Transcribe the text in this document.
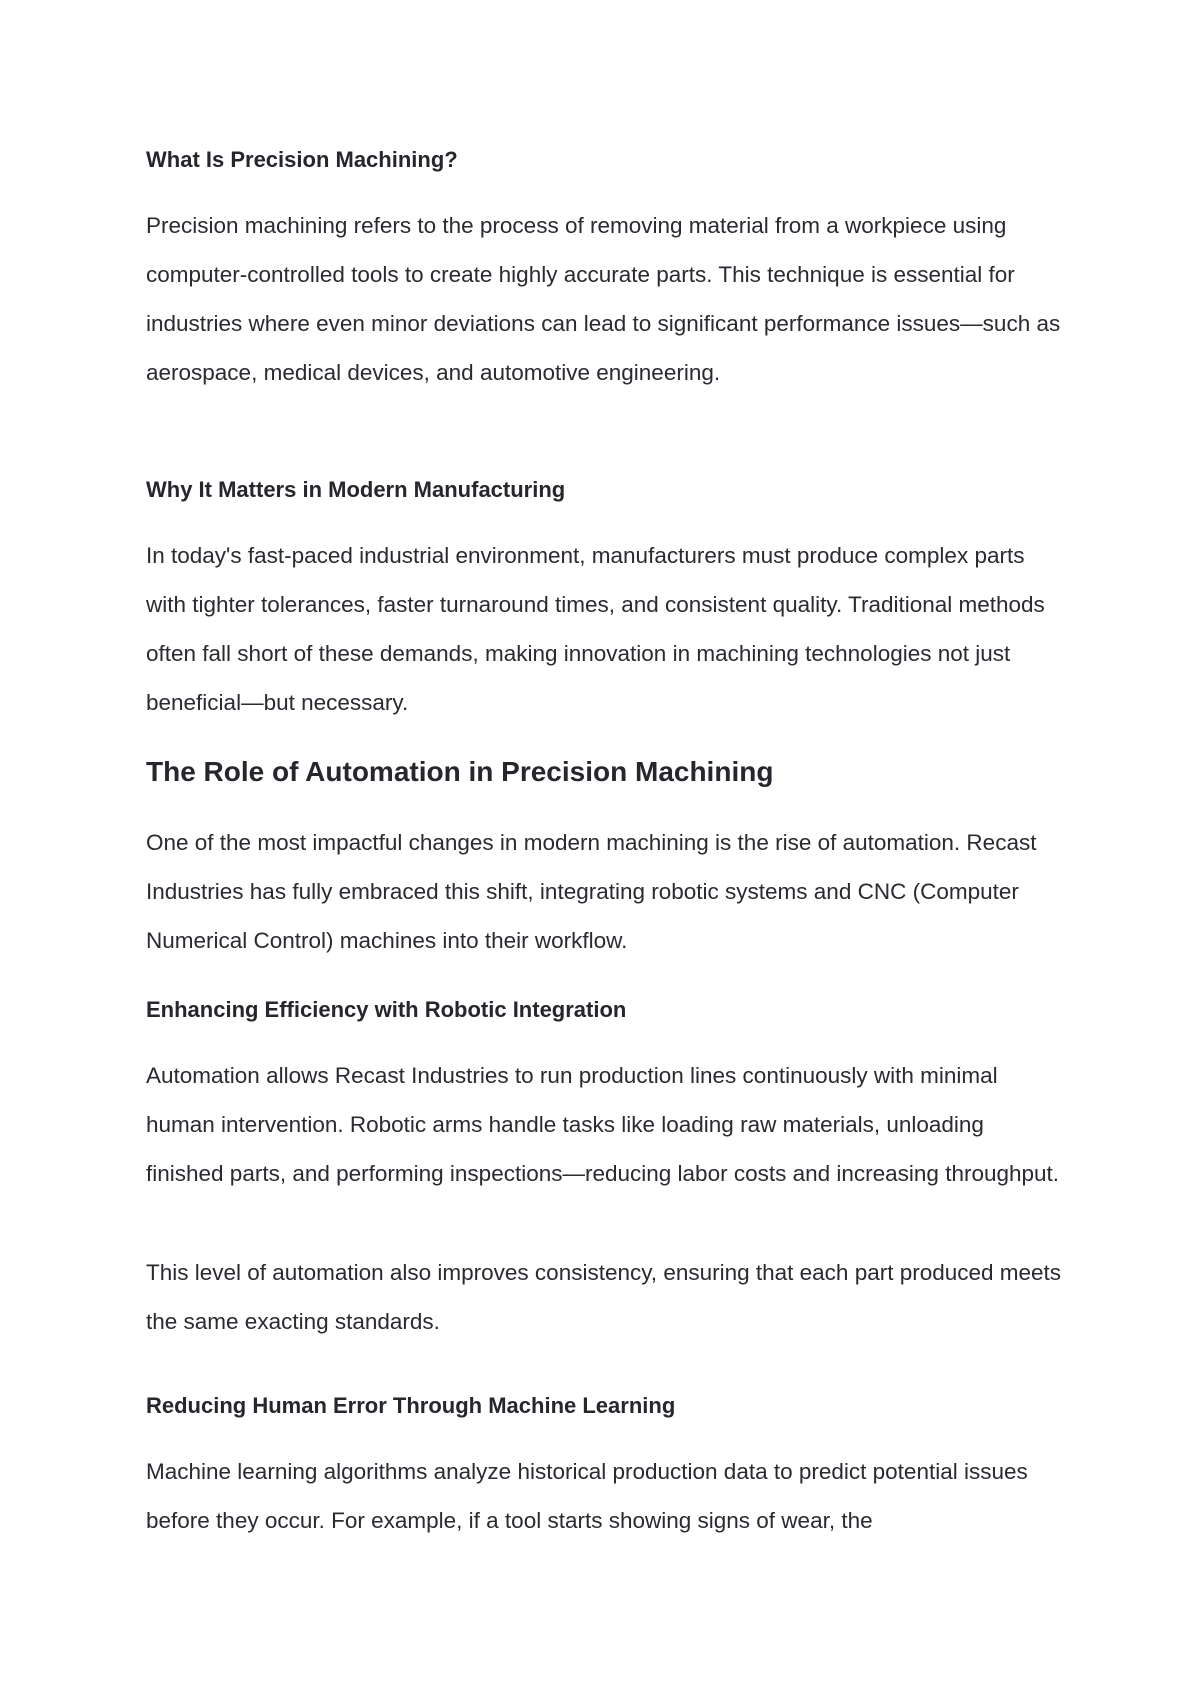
What Is Precision Machining?

Precision machining refers to the process of removing material from a workpiece using computer-controlled tools to create highly accurate parts. This technique is essential for industries where even minor deviations can lead to significant performance issues—such as aerospace, medical devices, and automotive engineering.

Why It Matters in Modern Manufacturing

In today's fast-paced industrial environment, manufacturers must produce complex parts with tighter tolerances, faster turnaround times, and consistent quality. Traditional methods often fall short of these demands, making innovation in machining technologies not just beneficial—but necessary.

The Role of Automation in Precision Machining

One of the most impactful changes in modern machining is the rise of automation. Recast Industries has fully embraced this shift, integrating robotic systems and CNC (Computer Numerical Control) machines into their workflow.

Enhancing Efficiency with Robotic Integration

Automation allows Recast Industries to run production lines continuously with minimal human intervention. Robotic arms handle tasks like loading raw materials, unloading finished parts, and performing inspections—reducing labor costs and increasing throughput.

This level of automation also improves consistency, ensuring that each part produced meets the same exacting standards.

Reducing Human Error Through Machine Learning

Machine learning algorithms analyze historical production data to predict potential issues before they occur. For example, if a tool starts showing signs of wear, the
